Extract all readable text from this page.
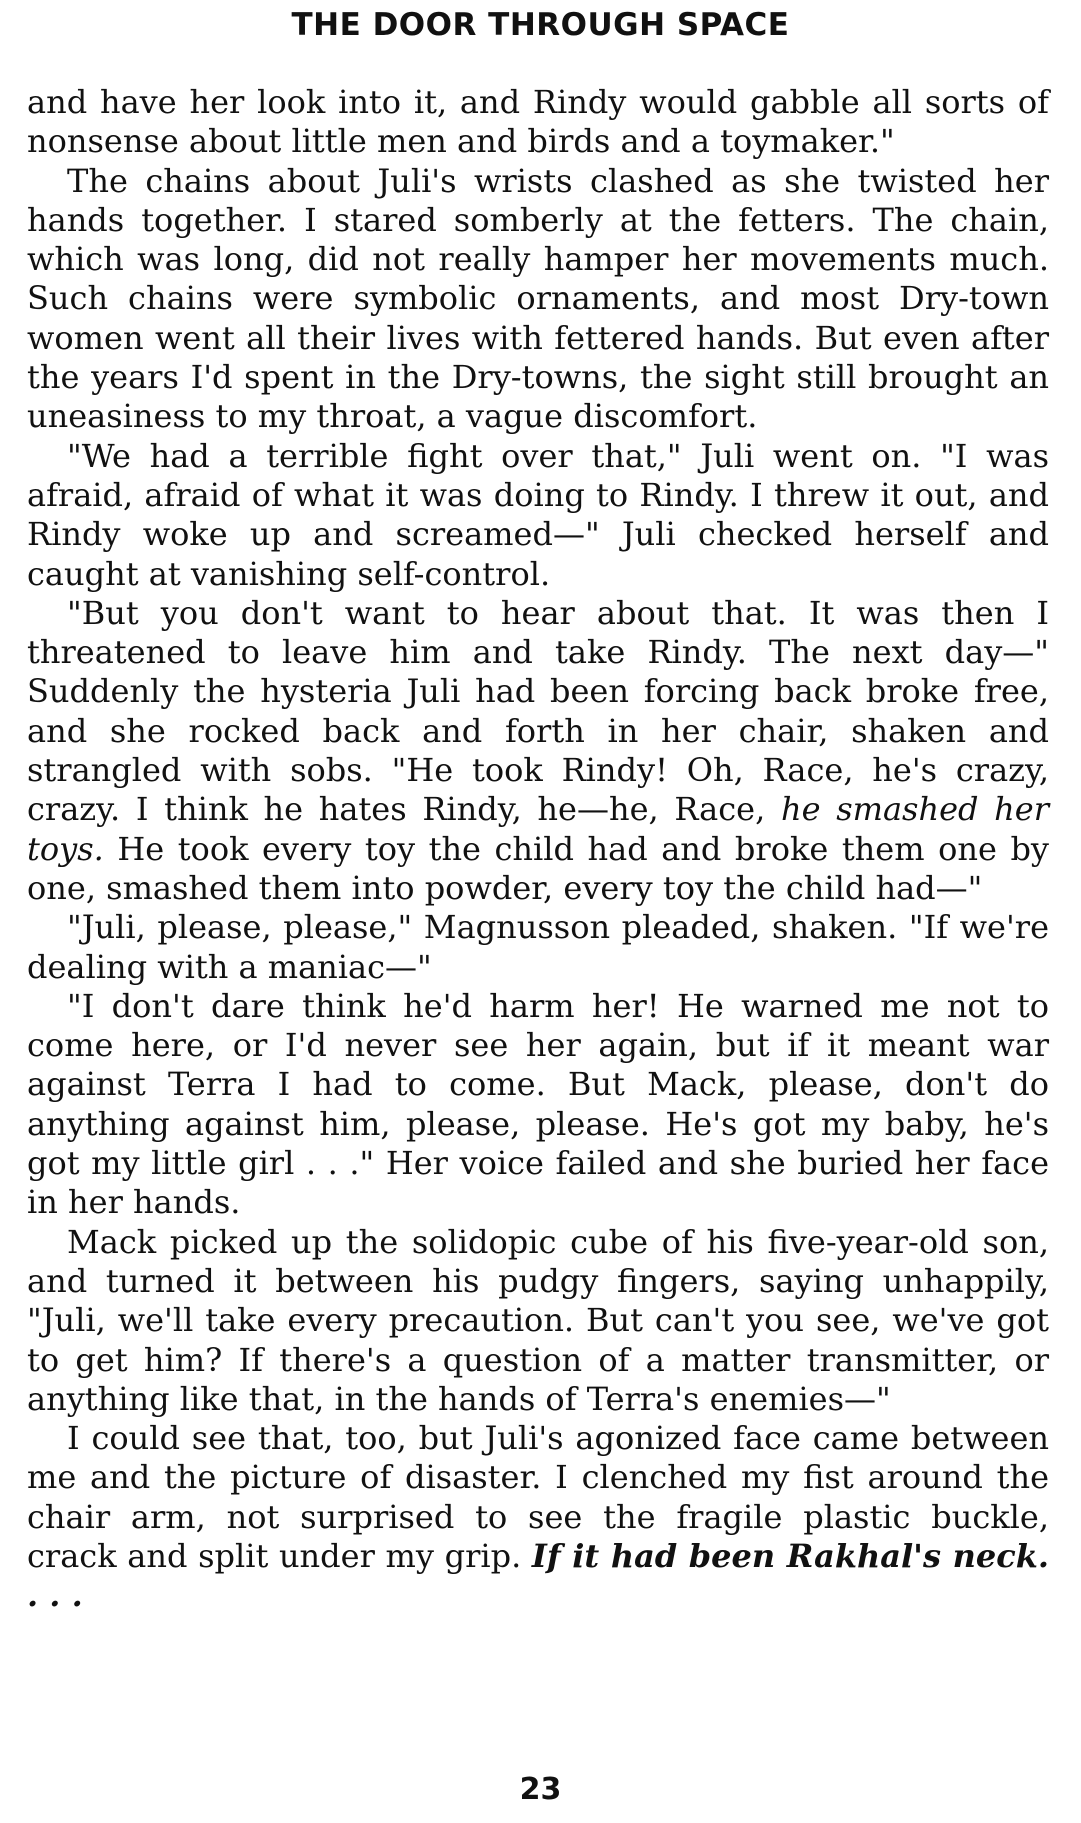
THE DOOR THROUGH SPACE

and have her look into it, and Rindy would gabble all sorts of nonsense about little men and birds and a toymaker."

The chains about Juli's wrists clashed as she twisted her hands together. I stared somberly at the fetters. The chain, which was long, did not really hamper her movements much. Such chains were symbolic ornaments, and most Dry-town women went all their lives with fettered hands. But even after the years I'd spent in the Dry-towns, the sight still brought an uneasiness to my throat, a vague discomfort.

"We had a terrible fight over that," Juli went on. "I was afraid, afraid of what it was doing to Rindy. I threw it out, and Rindy woke up and screamed—" Juli checked herself and caught at vanishing self-control.

"But you don't want to hear about that. It was then I threatened to leave him and take Rindy. The next day—" Suddenly the hysteria Juli had been forcing back broke free, and she rocked back and forth in her chair, shaken and strangled with sobs. "He took Rindy! Oh, Race, he's crazy, crazy. I think he hates Rindy, he—he, Race, he smashed her toys. He took every toy the child had and broke them one by one, smashed them into powder, every toy the child had—"

"Juli, please, please," Magnusson pleaded, shaken. "If we're dealing with a maniac—"

"I don't dare think he'd harm her! He warned me not to come here, or I'd never see her again, but if it meant war against Terra I had to come. But Mack, please, don't do anything against him, please, please. He's got my baby, he's got my little girl . . ." Her voice failed and she buried her face in her hands.

Mack picked up the solidopic cube of his five-year-old son, and turned it between his pudgy fingers, saying unhappily, "Juli, we'll take every precaution. But can't you see, we've got to get him? If there's a question of a matter transmitter, or anything like that, in the hands of Terra's enemies—"

I could see that, too, but Juli's agonized face came between me and the picture of disaster. I clenched my fist around the chair arm, not surprised to see the fragile plastic buckle, crack and split under my grip. If it had been Rakhal's neck. . . .

23
